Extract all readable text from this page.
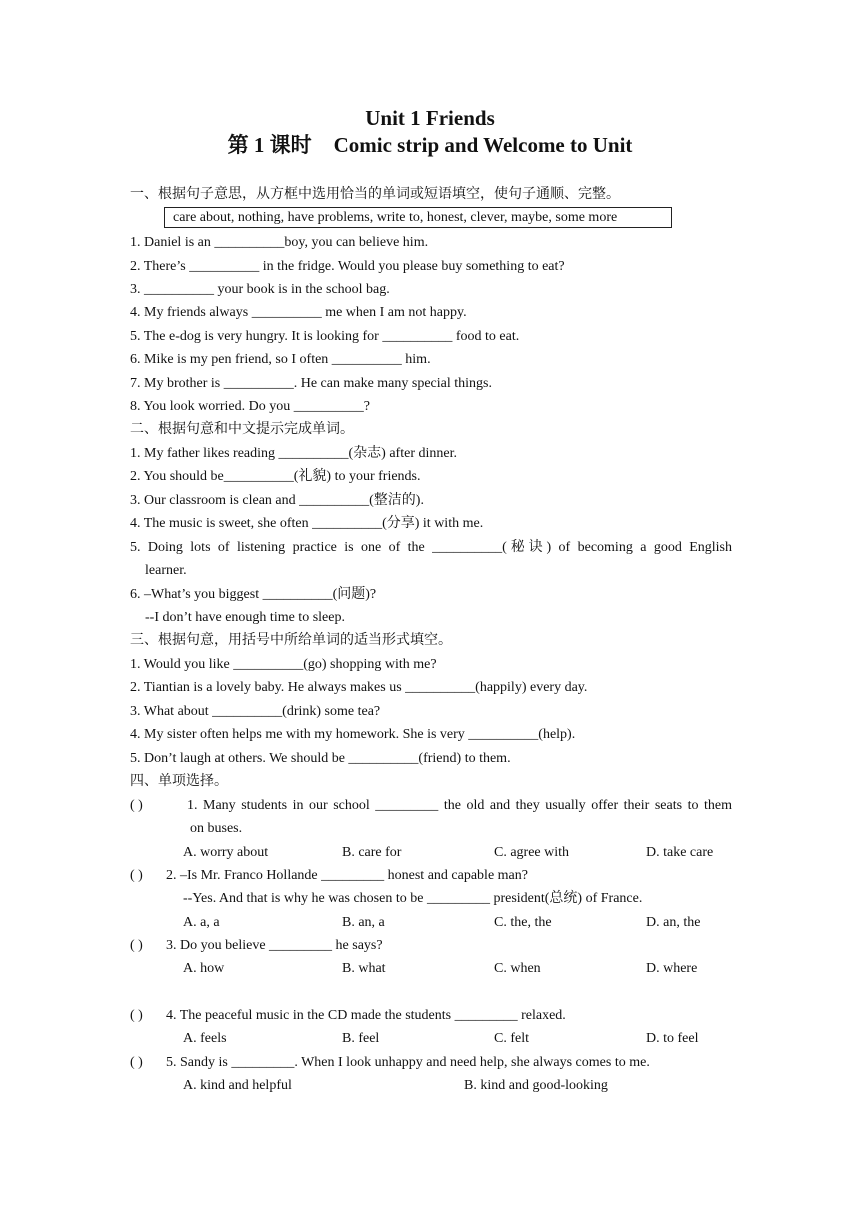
Unit 1 Friends
第 1 课时 Comic strip and Welcome to Unit
一、根据句子意思，从方框中选用恰当的单词或短语填空，使句子通顺、完整。
care about, nothing, have problems, write to, honest, clever, maybe, some more
1. Daniel is an __________boy, you can believe him.
2. There’s __________ in the fridge. Would you please buy something to eat?
3. __________ your book is in the school bag.
4. My friends always __________ me when I am not happy.
5. The e-dog is very hungry. It is looking for __________ food to eat.
6. Mike is my pen friend, so I often __________ him.
7. My brother is __________. He can make many special things.
8. You look worried. Do you __________?
二、根据句意和中文提示完成单词。
1. My father likes reading __________(杂志) after dinner.
2. You should be__________(礼貌) to your friends.
3. Our classroom is clean and __________(整洁的).
4. The music is sweet, she often __________(分享) it with me.
5. Doing lots of listening practice is one of the __________(秘诀) of becoming a good English
learner.
6. –What’s you biggest __________(问题)?
--I don’t have enough time to sleep.
三、根据句意，用括号中所给单词的适当形式填空。
1. Would you like __________(go) shopping with me?
2. Tiantian is a lovely baby. He always makes us __________(happily) every day.
3. What about __________(drink) some tea?
4. My sister often helps me with my homework. She is very __________(help).
5. Don’t laugh at others. We should be __________(friend) to them.
四、单项选择。
( )	1. Many students in our school _________ the old and they usually offer their seats to them
on buses.
A. worry about	B. care for	C. agree with	D. take care
( ) 2. –Is Mr. Franco Hollande _________ honest and capable man?
--Yes. And that is why he was chosen to be _________ president(总统) of France.
A. a, a	B. an, a	C. the, the	D. an, the
( ) 3. Do you believe _________ he says?
A. how	B. what	C. when	D. where
( ) 4. The peaceful music in the CD made the students _________ relaxed.
A. feels	B. feel	C. felt	D. to feel
( ) 5. Sandy is _________. When I look unhappy and need help, she always comes to me.
A. kind and helpful	B. kind and good-looking
